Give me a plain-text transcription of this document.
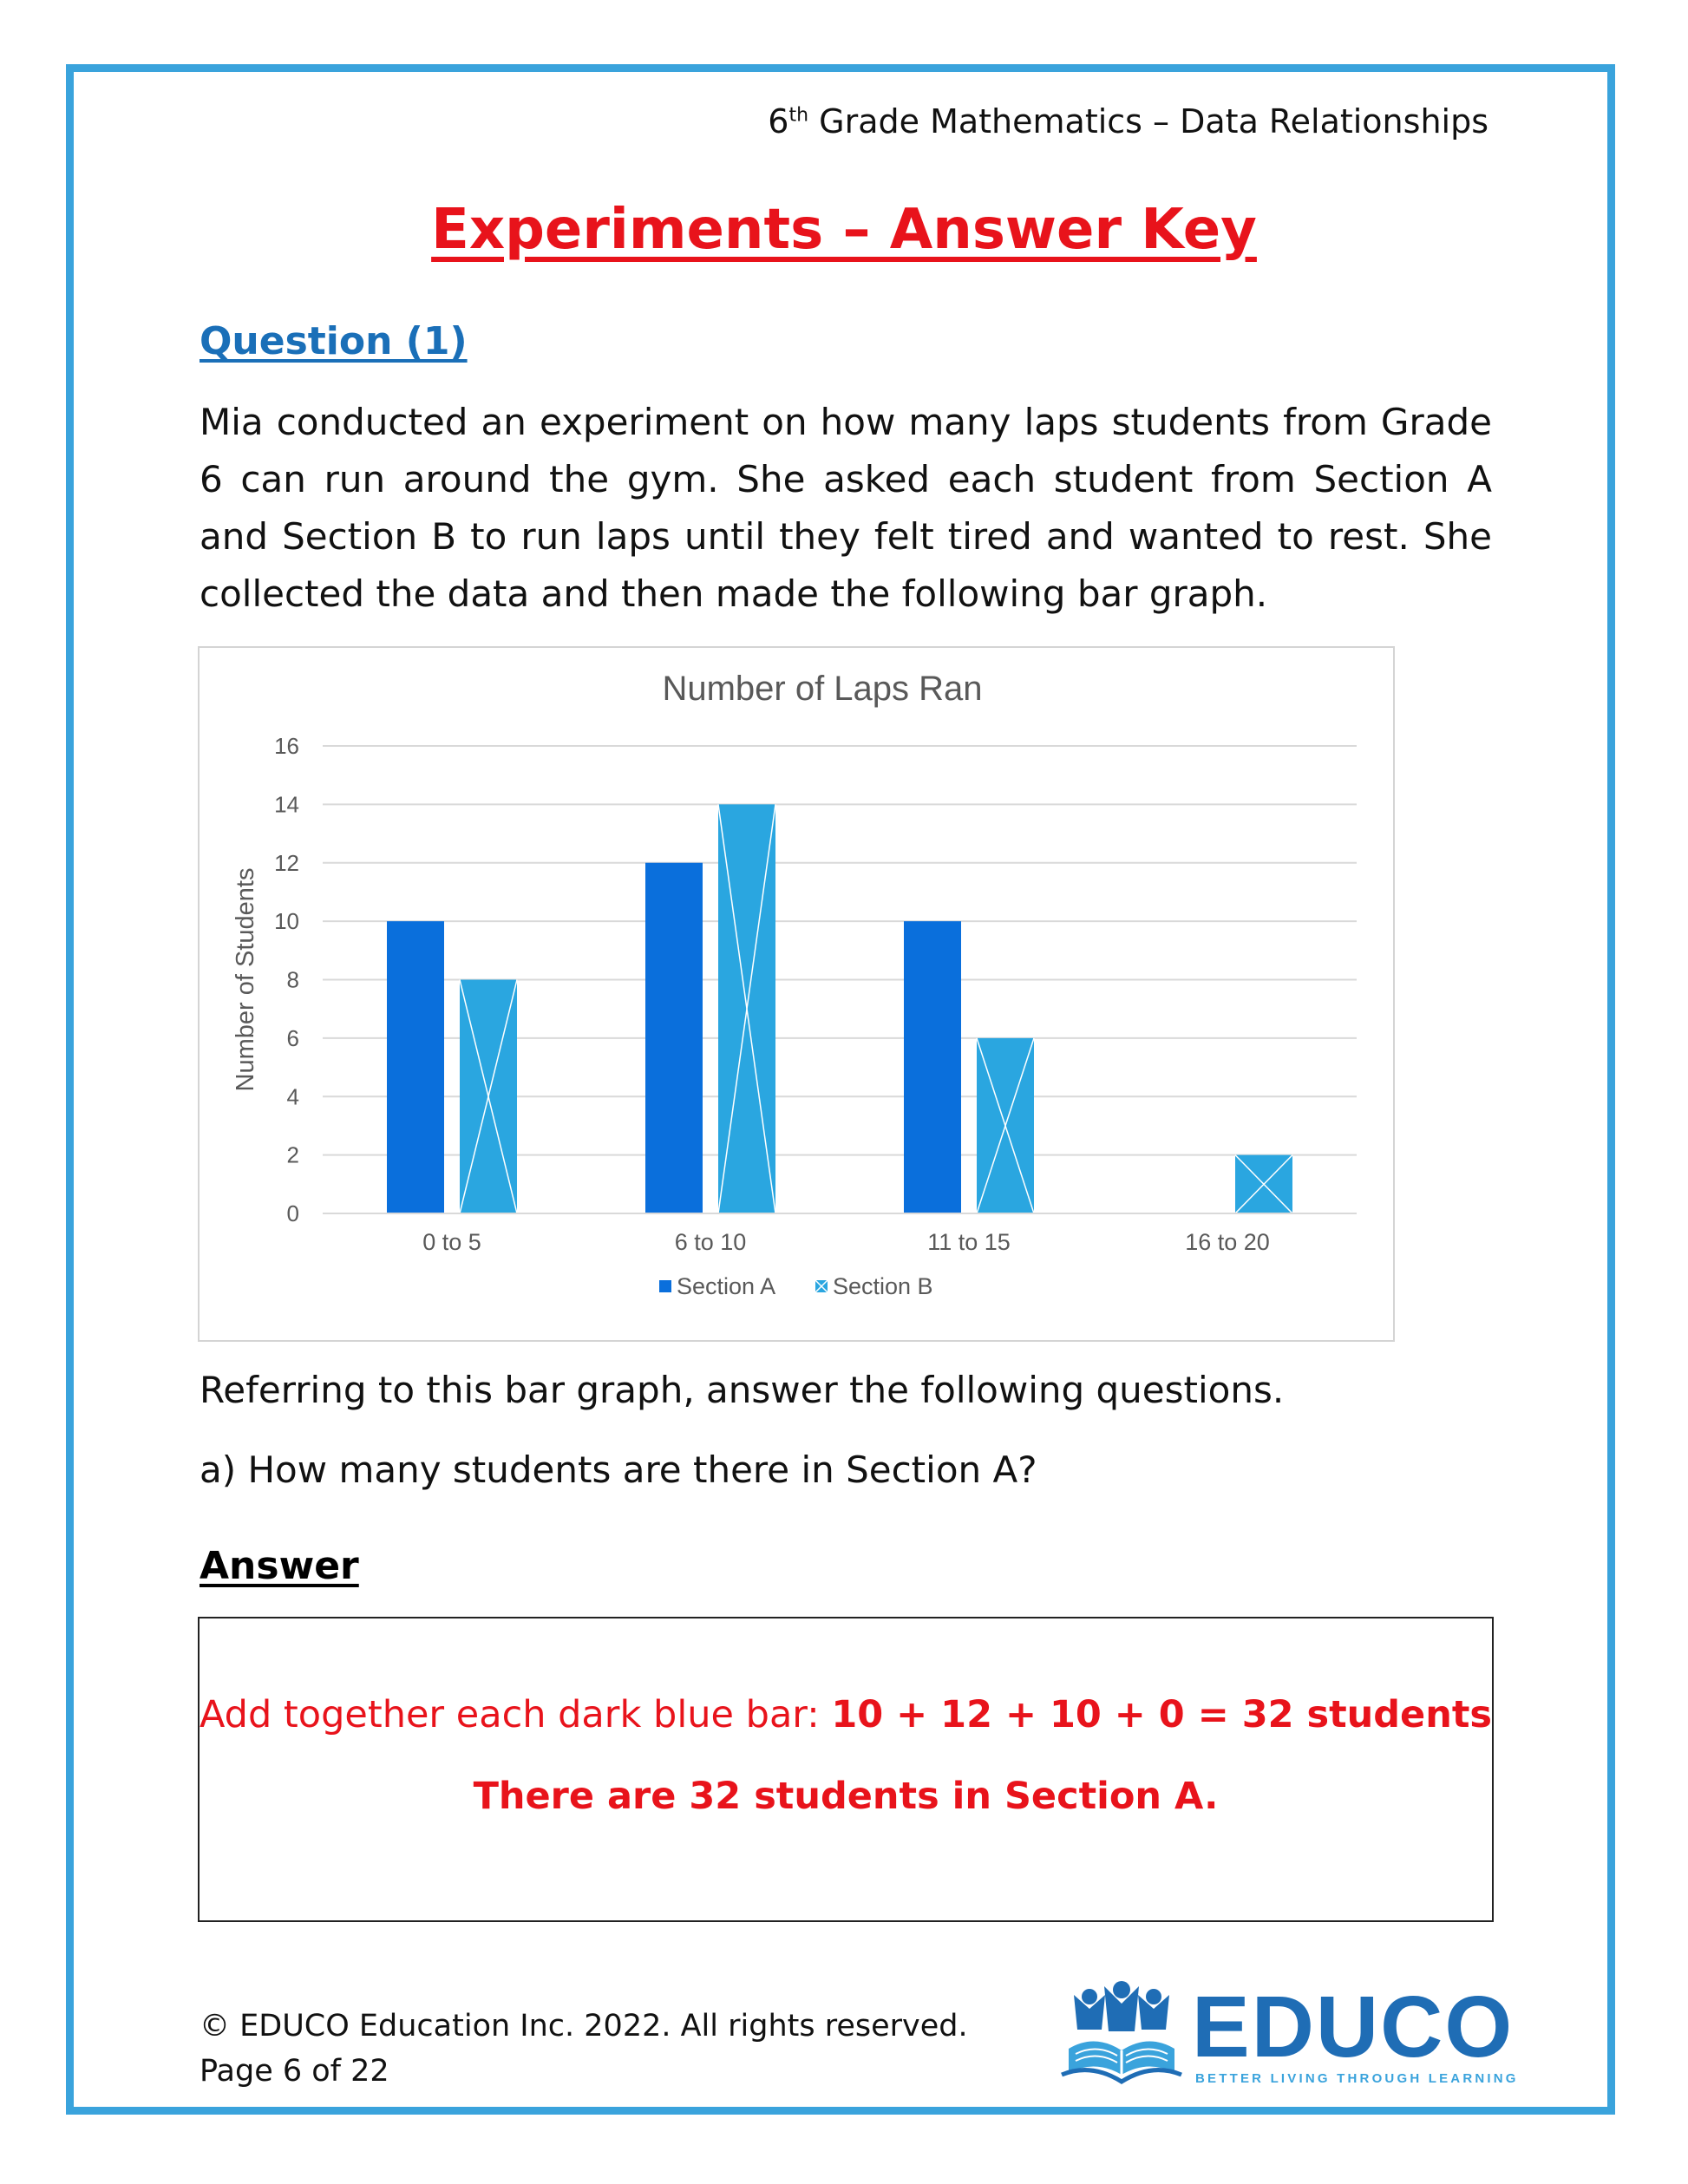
6th Grade Mathematics – Data Relationships
Experiments – Answer Key
Question (1)
Mia conducted an experiment on how many laps students from Grade 6 can run around the gym. She asked each student from Section A and Section B to run laps until they felt tired and wanted to rest. She collected the data and then made the following bar graph.
Number of Laps Ran
0
2
4
6
8
10
12
14
16
Number of Students
0 to 5	6 to 10	11 to 15	16 to 20
Section A Section B
Referring to this bar graph, answer the following questions.
a) How many students are there in Section A?
Answer
Add together each dark blue bar: 10 + 12 + 10 + 0 = 32 students
There are 32 students in Section A.
© EDUCO Education Inc. 2022. All rights reserved.
Page 6 of 22	EDUCO
BETTER LIVING THROUGH LEARNING
